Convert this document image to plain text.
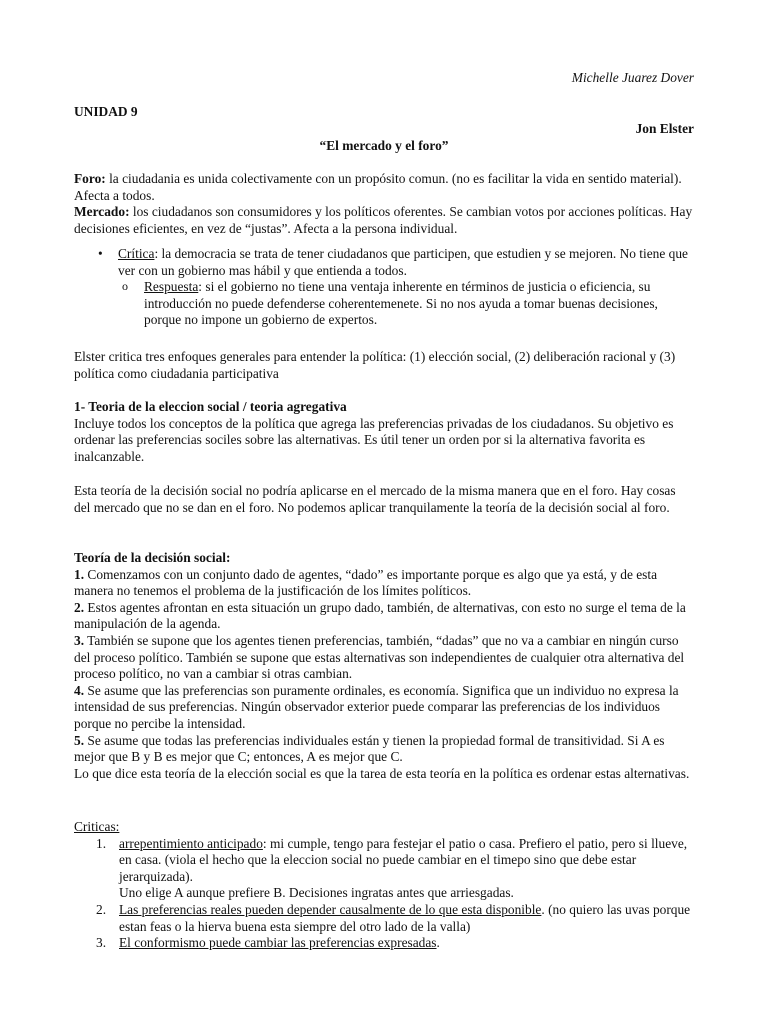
Michelle Juarez Dover
UNIDAD 9
Jon Elster
“El mercado y el foro”

Foro: la ciudadania es unida colectivamente con un propósito comun. (no es facilitar la vida en sentido material). Afecta a todos.

Mercado: los ciudadanos son consumidores y los políticos oferentes. Se cambian votos por acciones políticas. Hay decisiones eficientes, en vez de “justas”. Afecta a la persona individual.

• Crítica: la democracia se trata de tener ciudadanos que participen, que estudien y se mejoren. No tiene que ver con un gobierno mas hábil y que entienda a todos.
o Respuesta: si el gobierno no tiene una ventaja inherente en términos de justicia o eficiencia, su introducción no puede defenderse coherentemenete. Si no nos ayuda a tomar buenas decisiones, porque no impone un gobierno de expertos.

Elster critica tres enfoques generales para entender la política: (1) elección social, (2) deliberación racional y (3) política como ciudadania participativa

1- Teoria de la eleccion social / teoria agregativa

Incluye todos los conceptos de la política que agrega las preferencias privadas de los ciudadanos. Su objetivo es ordenar las preferencias sociles sobre las alternativas. Es útil tener un orden por si la alternativa favorita es inalcanzable.

Esta teoría de la decisión social no podría aplicarse en el mercado de la misma manera que en el foro. Hay cosas del mercado que no se dan en el foro. No podemos aplicar tranquilamente la teoría de la decisión social al foro.

Teoría de la decisión social:

1. Comenzamos con un conjunto dado de agentes, “dado” es importante porque es algo que ya está, y de esta manera no tenemos el problema de la justificación de los límites políticos.

2. Estos agentes afrontan en esta situación un grupo dado, también, de alternativas, con esto no surge el tema de la manipulación de la agenda.

3. También se supone que los agentes tienen preferencias, también, “dadas” que no va a cambiar en ningún curso del proceso político. También se supone que estas alternativas son independientes de cualquier otra alternativa del proceso político, no van a cambiar si otras cambian.

4. Se asume que las preferencias son puramente ordinales, es economía. Significa que un individuo no expresa la intensidad de sus preferencias. Ningún observador exterior puede comparar las preferencias de los individuos porque no percibe la intensidad.

5. Se asume que todas las preferencias individuales están y tienen la propiedad formal de transitividad. Si A es mejor que B y B es mejor que C; entonces, A es mejor que C.

Lo que dice esta teoría de la elección social es que la tarea de esta teoría en la política es ordenar estas alternativas.

Criticas:

1. arrepentimiento anticipado: mi cumple, tengo para festejar el patio o casa. Prefiero el patio, pero si llueve, en casa. (viola el hecho que la eleccion social no puede cambiar en el timepo sino que debe estar jerarquizada).
Uno elige A aunque prefiere B. Decisiones ingratas antes que arriesgadas.
2. Las preferencias reales pueden depender causalmente de lo que esta disponible. (no quiero las uvas porque estan feas o la hierva buena esta siempre del otro lado de la valla)
3. El conformismo puede cambiar las preferencias expresadas.
